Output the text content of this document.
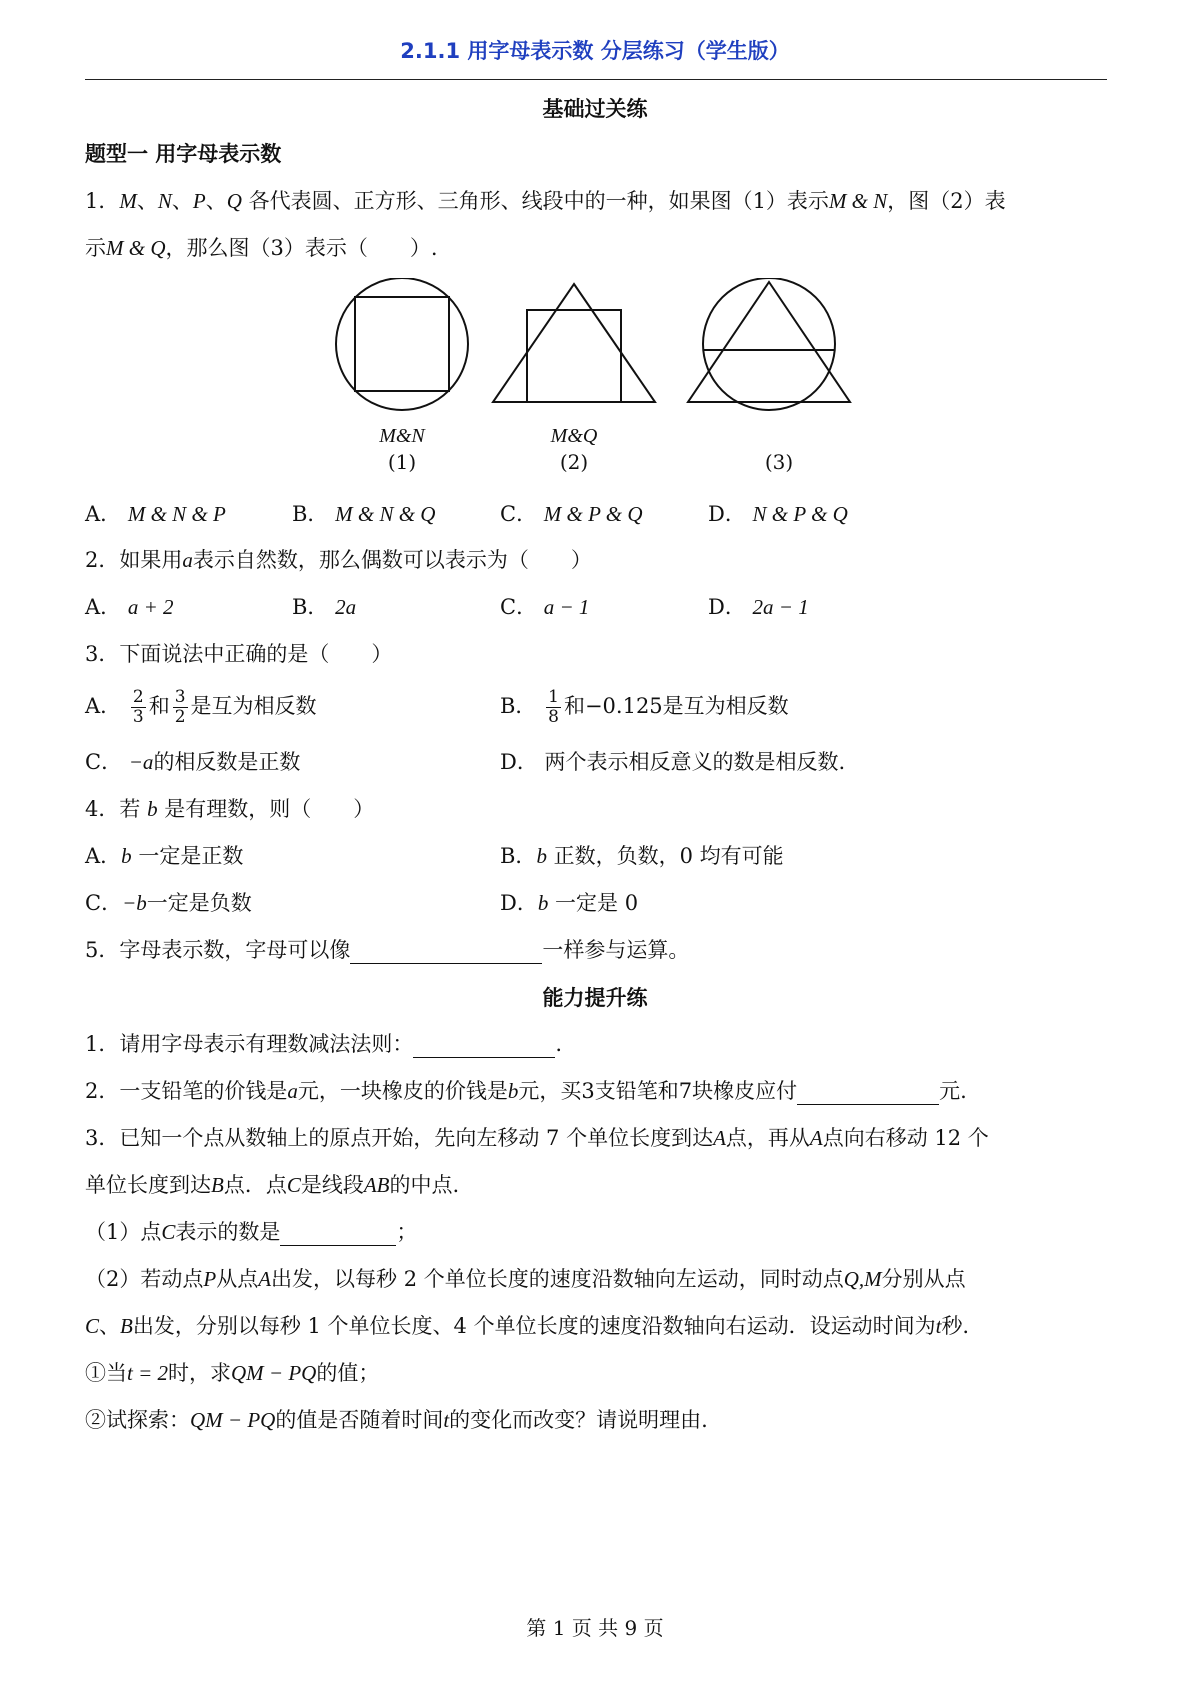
2.1.1 用字母表示数 分层练习（学生版）
基础过关练
题型一 用字母表示数
1．M、N、P、Q 各代表圆、正方形、三角形、线段中的一种，如果图（1）表示M & N，图（2）表
示M & Q，那么图（3）表示（　　）.
M&N
(1)
M&Q
(2)	(3)
A． M & N & P	B． M & N & Q	C． M & P & Q	D． N & P & Q
2．如果用a表示自然数，那么偶数可以表示为（　　）
A． a + 2	B． 2a	C． a − 1	D． 2a − 1
3．下面说法中正确的是（　　）
A． $\frac{2}{3}$ 和 $\frac{3}{2}$ 是互为相反数	B． $\frac{1}{8}$ 和−0.125是互为相反数
C． −a的相反数是正数	D． 两个表示相反意义的数是相反数.
4．若 b 是有理数，则（　　）
A．b 一定是正数	B．b 正数，负数，0 均有可能
C．−b一定是负数	D．b 一定是 0
5．字母表示数，字母可以像	一样参与运算。
能力提升练
1．请用字母表示有理数减法法则：	.
2．一支铅笔的价钱是a元，一块橡皮的价钱是b元，买3支铅笔和7块橡皮应付	元.
3．已知一个点从数轴上的原点开始，先向左移动 7 个单位长度到达A点，再从A点向右移动 12 个
单位长度到达B点．点C是线段AB的中点.
（1）点C表示的数是	；
（2）若动点P从点A出发，以每秒 2 个单位长度的速度沿数轴向左运动，同时动点Q,M分别从点
C、B出发，分别以每秒 1 个单位长度、4 个单位长度的速度沿数轴向右运动．设运动时间为t秒.
①当t = 2时，求QM − PQ的值；
②试探索：QM − PQ的值是否随着时间t的变化而改变？请说明理由.
第 1 页 共 9 页
